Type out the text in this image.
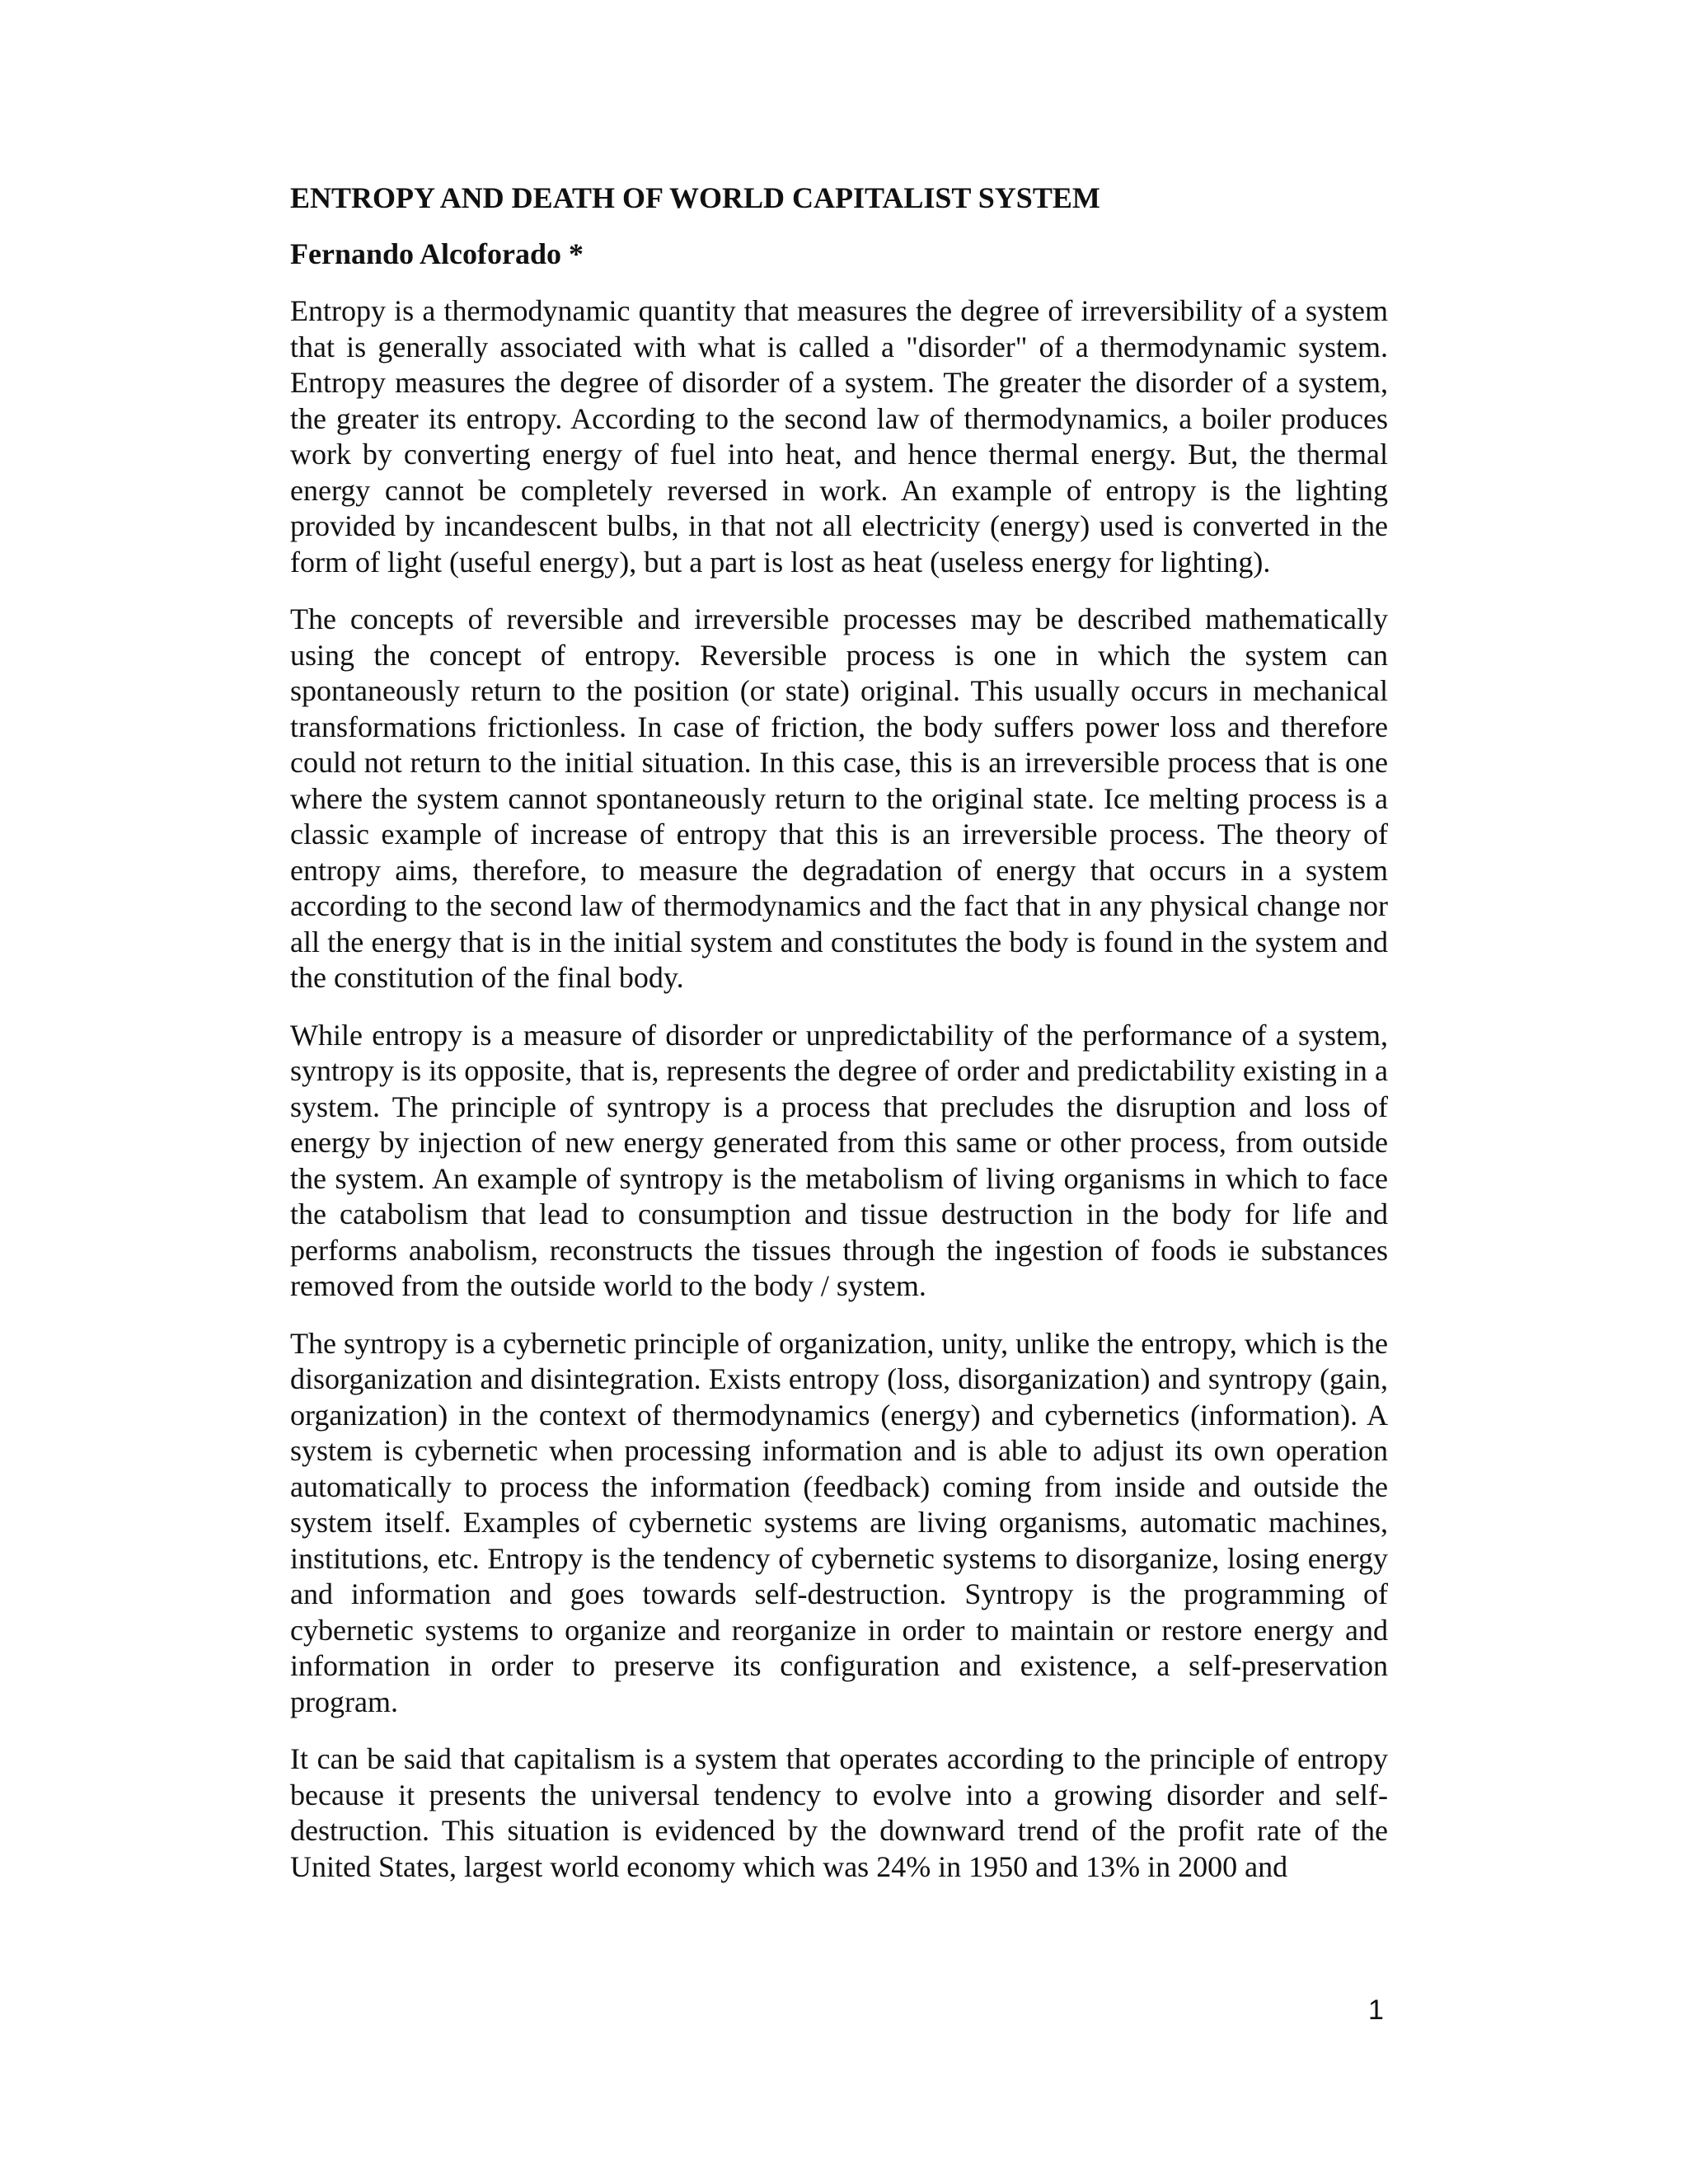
ENTROPY AND DEATH OF WORLD CAPITALIST SYSTEM
Fernando Alcoforado *

Entropy is a thermodynamic quantity that measures the degree of irreversibility of a system that is generally associated with what is called a "disorder" of a thermodynamic system. Entropy measures the degree of disorder of a system. The greater the disorder of a system, the greater its entropy. According to the second law of thermodynamics, a boiler produces work by converting energy of fuel into heat, and hence thermal energy. But, the thermal energy cannot be completely reversed in work. An example of entropy is the lighting provided by incandescent bulbs, in that not all electricity (energy) used is converted in the form of light (useful energy), but a part is lost as heat (useless energy for lighting).

The concepts of reversible and irreversible processes may be described mathematically using the concept of entropy. Reversible process is one in which the system can spontaneously return to the position (or state) original. This usually occurs in mechanical transformations frictionless. In case of friction, the body suffers power loss and therefore could not return to the initial situation. In this case, this is an irreversible process that is one where the system cannot spontaneously return to the original state. Ice melting process is a classic example of increase of entropy that this is an irreversible process. The theory of entropy aims, therefore, to measure the degradation of energy that occurs in a system according to the second law of thermodynamics and the fact that in any physical change nor all the energy that is in the initial system and constitutes the body is found in the system and the constitution of the final body.

While entropy is a measure of disorder or unpredictability of the performance of a system, syntropy is its opposite, that is, represents the degree of order and predictability existing in a system. The principle of syntropy is a process that precludes the disruption and loss of energy by injection of new energy generated from this same or other process, from outside the system. An example of syntropy is the metabolism of living organisms in which to face the catabolism that lead to consumption and tissue destruction in the body for life and performs anabolism, reconstructs the tissues through the ingestion of foods ie substances removed from the outside world to the body / system.

The syntropy is a cybernetic principle of organization, unity, unlike the entropy, which is the disorganization and disintegration. Exists entropy (loss, disorganization) and syntropy (gain, organization) in the context of thermodynamics (energy) and cybernetics (information). A system is cybernetic when processing information and is able to adjust its own operation automatically to process the information (feedback) coming from inside and outside the system itself. Examples of cybernetic systems are living organisms, automatic machines, institutions, etc. Entropy is the tendency of cybernetic systems to disorganize, losing energy and information and goes towards self-destruction. Syntropy is the programming of cybernetic systems to organize and reorganize in order to maintain or restore energy and information in order to preserve its configuration and existence, a self-preservation program.

It can be said that capitalism is a system that operates according to the principle of entropy because it presents the universal tendency to evolve into a growing disorder and self-destruction. This situation is evidenced by the downward trend of the profit rate of the United States, largest world economy which was 24% in 1950 and 13% in 2000 and

1
